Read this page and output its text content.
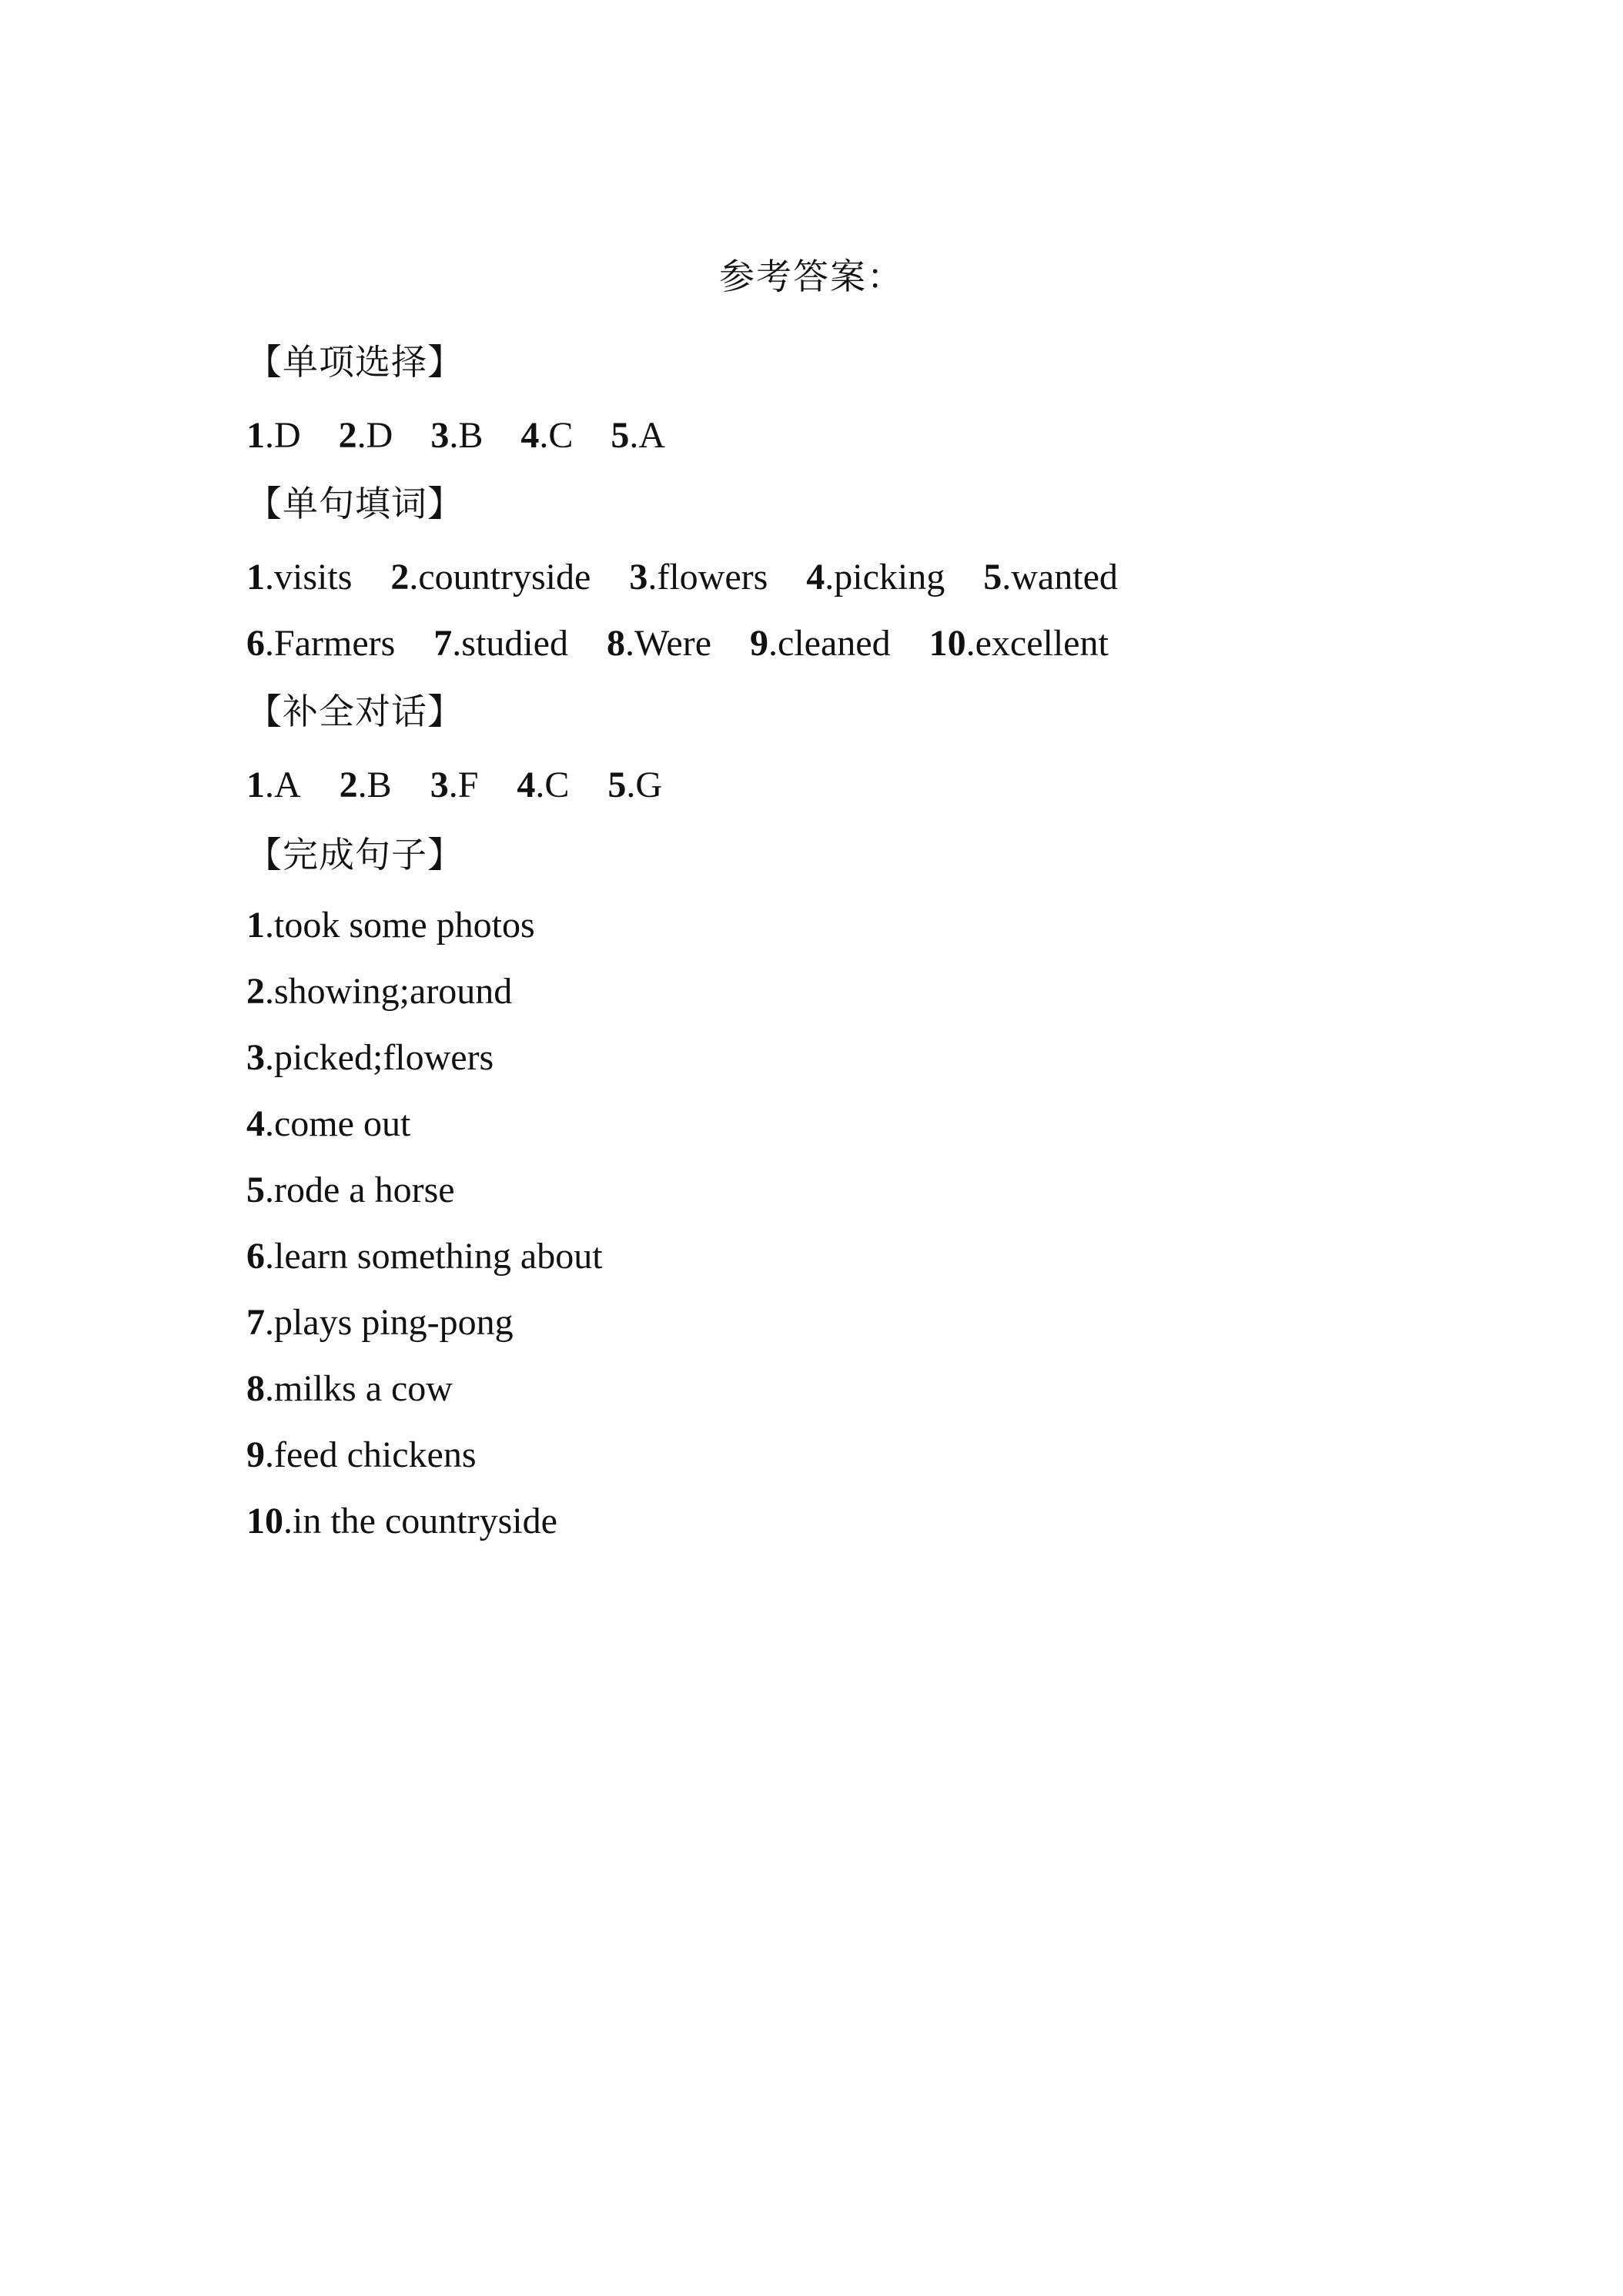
参考答案：
【单项选择】
1.D 2.D 3.B 4.C 5.A
【单句填词】
1.visits 2.countryside 3.flowers 4.picking 5.wanted
6.Farmers 7.studied 8.Were 9.cleaned 10.excellent
【补全对话】
1.A 2.B 3.F 4.C 5.G
【完成句子】
1.took some photos
2.showing;around
3.picked;flowers
4.come out
5.rode a horse
6.learn something about
7.plays ping-pong
8.milks a cow
9.feed chickens
10.in the countryside
